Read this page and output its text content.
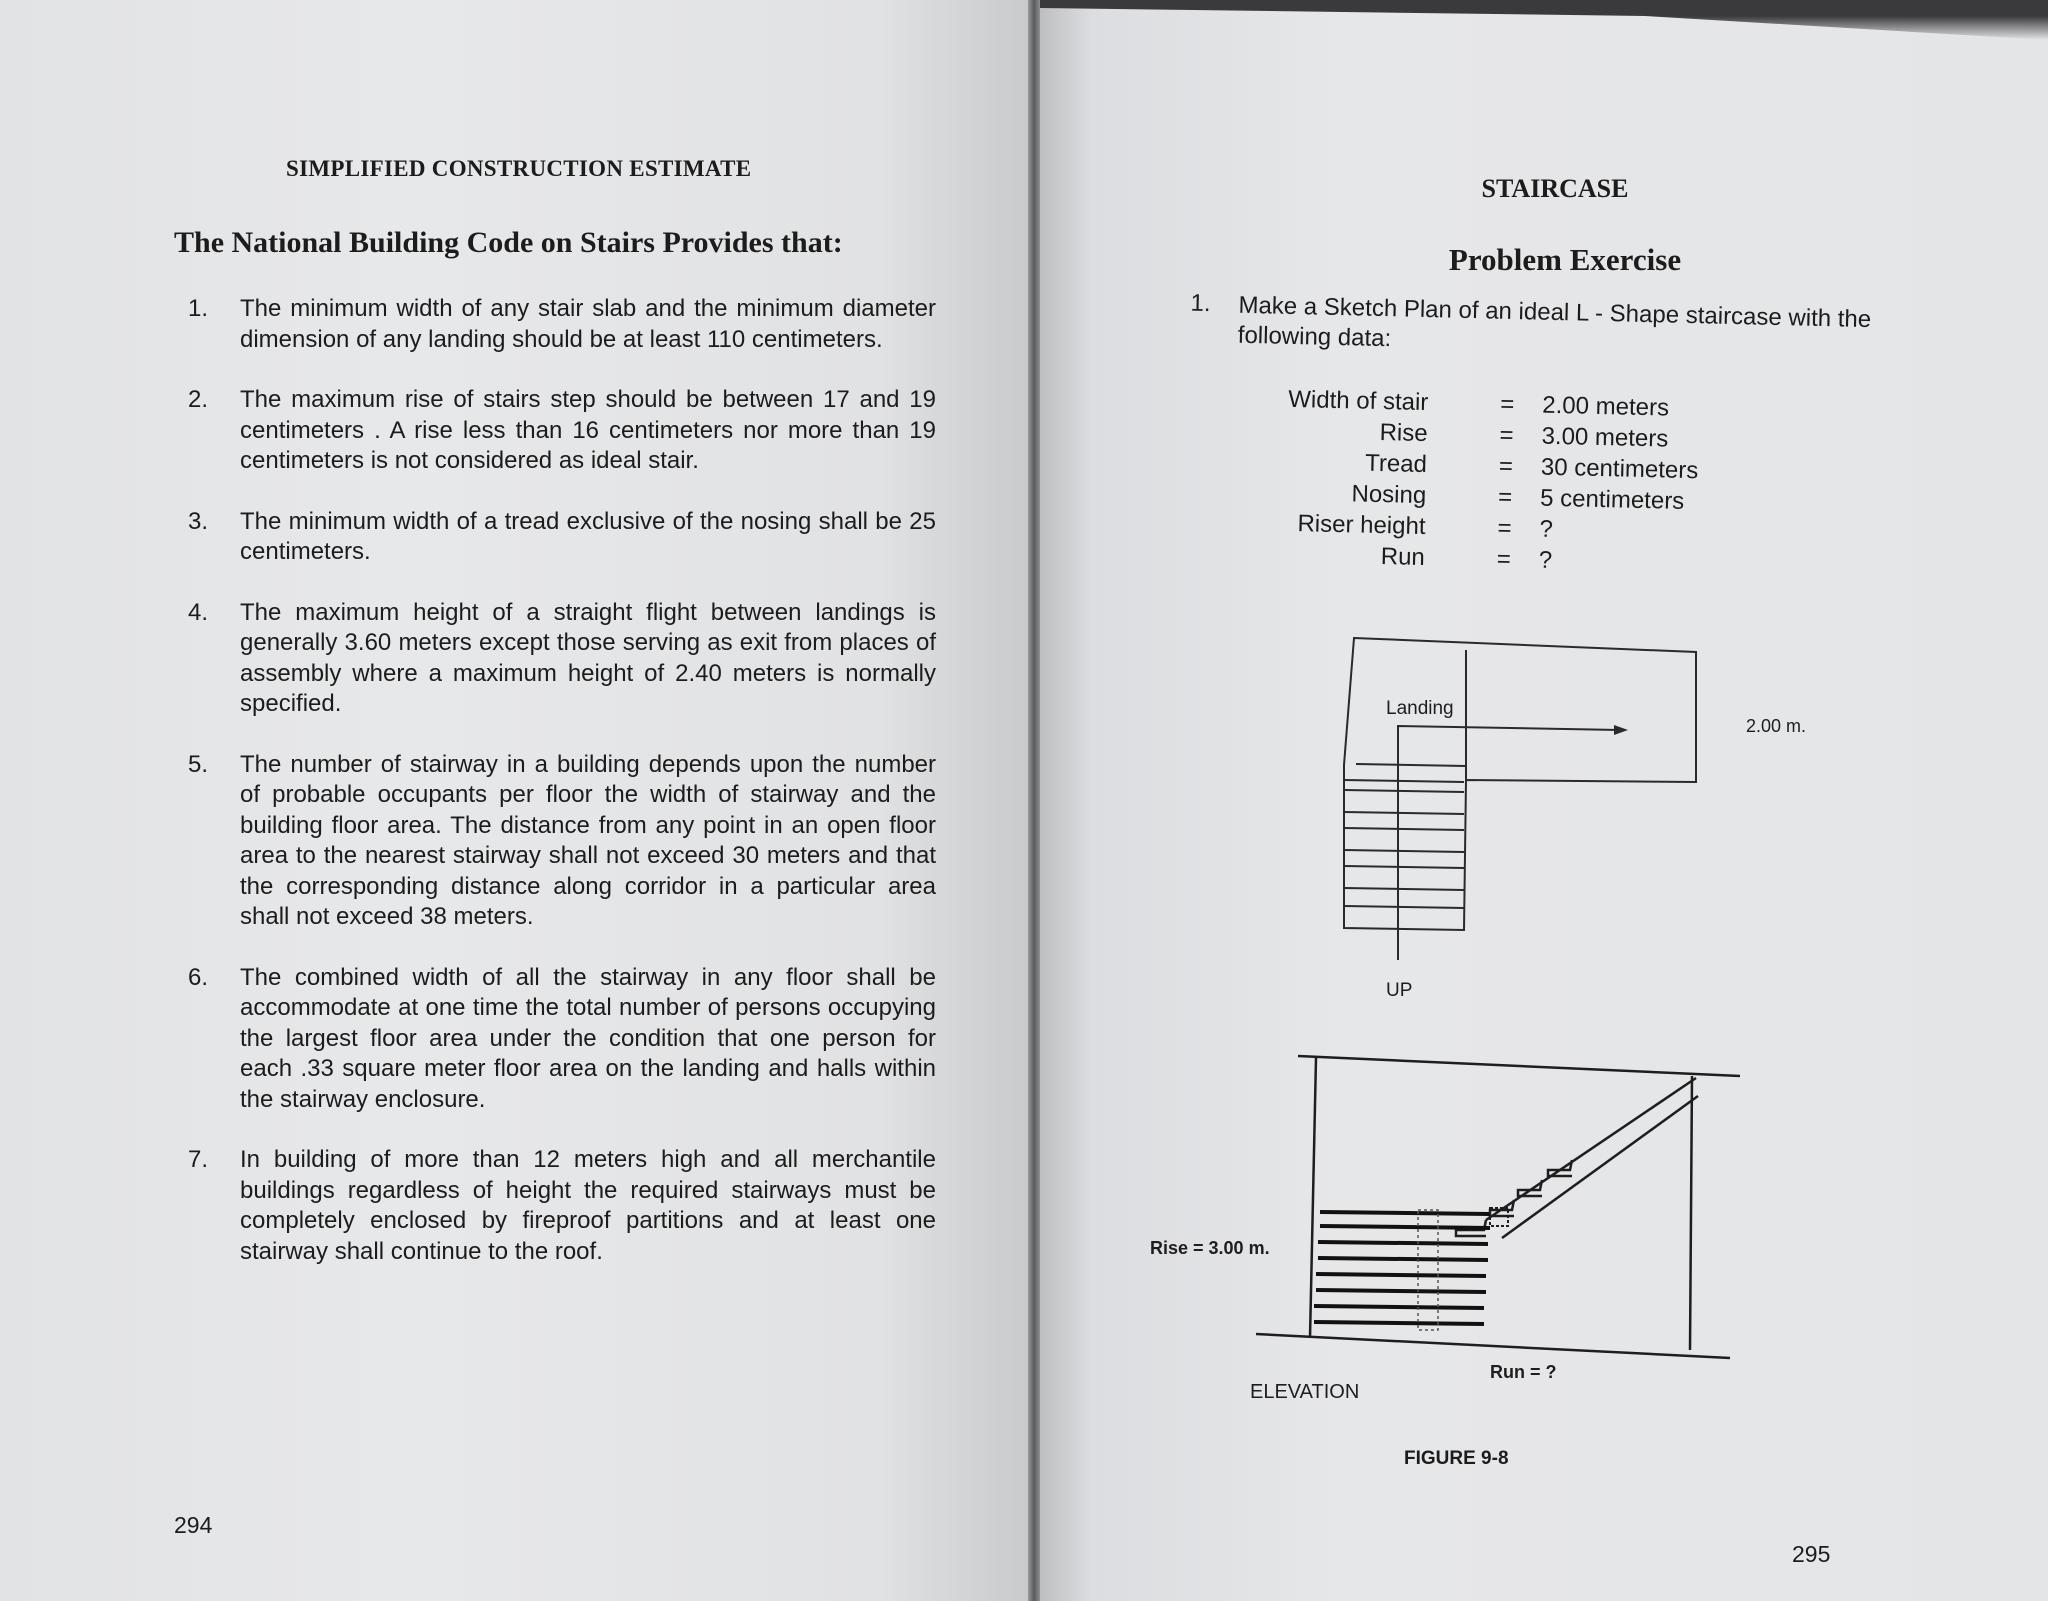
SIMPLIFIED CONSTRUCTION ESTIMATE
The National Building Code on Stairs Provides that:
1. The minimum width of any stair slab and the minimum diameter dimension of any landing should be at least 110 centimeters.
2. The maximum rise of stairs step should be between 17 and 19 centimeters . A rise less than 16 centimeters nor more than 19 centimeters is not considered as ideal stair.
3. The minimum width of a tread exclusive of the nosing shall be 25 centimeters.
4. The maximum height of a straight flight between landings is generally 3.60 meters except those serving as exit from places of assembly where a maximum height of 2.40 meters is normally specified.
5. The number of stairway in a building depends upon the number of probable occupants per floor the width of stairway and the building floor area. The distance from any point in an open floor area to the nearest stairway shall not exceed 30 meters and that the corresponding distance along corridor in a particular area shall not exceed 38 meters.
6. The combined width of all the stairway in any floor shall be accommodate at one time the total number of persons occupying the largest floor area under the condition that one person for each .33 square meter floor area on the landing and halls within the stairway enclosure.
7. In building of more than 12 meters high and all merchantile buildings regardless of height the required stairways must be completely enclosed by fireproof partitions and at least one stairway shall continue to the roof.
294
STAIRCASE
Problem Exercise
1. Make a Sketch Plan of an ideal L - Shape staircase with the following data:
Width of stair	=	2.00 meters
Rise	=	3.00 meters
Tread	=	30 centimeters
Nosing	=	5 centimeters
Riser height	=	?
Run	=	?
Landing
2.00 m.
UP
Rise = 3.00 m.
Run = ?
ELEVATION
FIGURE 9-8
295
